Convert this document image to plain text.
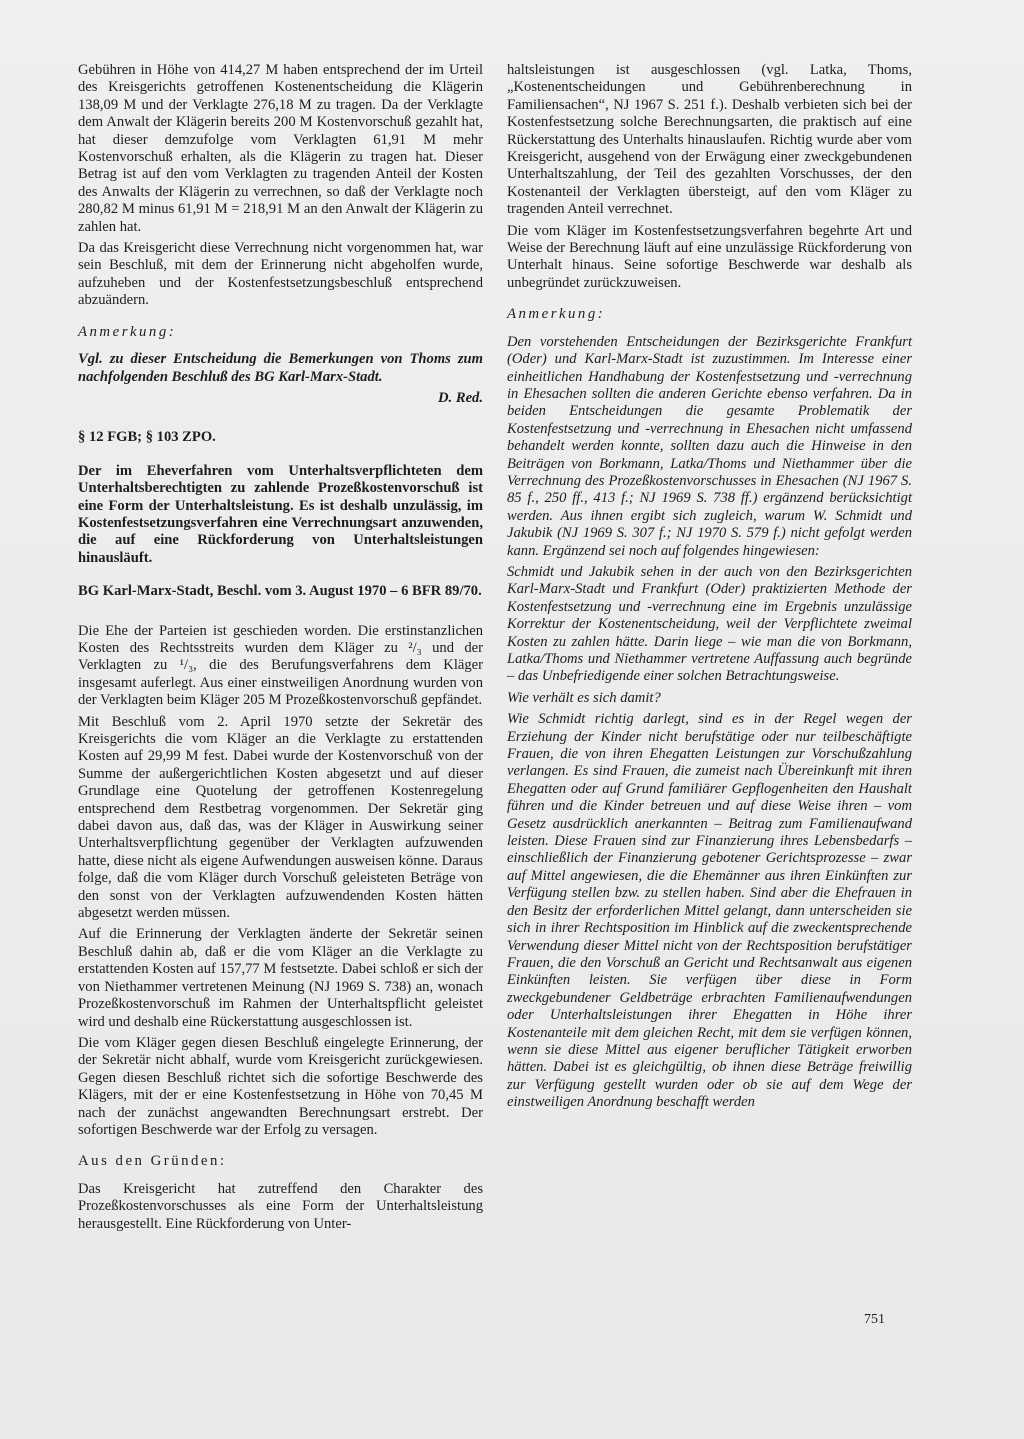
Gebühren in Höhe von 414,27 M haben entsprechend der im Urteil des Kreisgerichts getroffenen Kostenentscheidung die Klägerin 138,09 M und der Verklagte 276,18 M zu tragen. Da der Verklagte dem Anwalt der Klägerin bereits 200 M Kostenvorschuß gezahlt hat, hat dieser demzufolge vom Verklagten 61,91 M mehr Kostenvorschuß erhalten, als die Klägerin zu tragen hat. Dieser Betrag ist auf den vom Verklagten zu tragenden Anteil der Kosten des Anwalts der Klägerin zu verrechnen, so daß der Verklagte noch 280,82 M minus 61,91 M = 218,91 M an den Anwalt der Klägerin zu zahlen hat.

Da das Kreisgericht diese Verrechnung nicht vorgenommen hat, war sein Beschluß, mit dem der Erinnerung nicht abgeholfen wurde, aufzuheben und der Kostenfestsetzungsbeschluß entsprechend abzuändern.

Anmerkung:

Vgl. zu dieser Entscheidung die Bemerkungen von Thoms zum nachfolgenden Beschluß des BG Karl-Marx-Stadt.

D. Red.

§ 12 FGB; § 103 ZPO.

Der im Eheverfahren vom Unterhaltsverpflichteten dem Unterhaltsberechtigten zu zahlende Prozeßkostenvorschuß ist eine Form der Unterhaltsleistung. Es ist deshalb unzulässig, im Kostenfestsetzungsverfahren eine Verrechnungsart anzuwenden, die auf eine Rückforderung von Unterhaltsleistungen hinausläuft.

BG Karl-Marx-Stadt, Beschl. vom 3. August 1970 – 6 BFR 89/70.

Die Ehe der Parteien ist geschieden worden. Die erstinstanzlichen Kosten des Rechtsstreits wurden dem Kläger zu ²/₃ und der Verklagten zu ¹/₃, die des Berufungsverfahrens dem Kläger insgesamt auferlegt. Aus einer einstweiligen Anordnung wurden von der Verklagten beim Kläger 205 M Prozeßkostenvorschuß gepfändet.

Mit Beschluß vom 2. April 1970 setzte der Sekretär des Kreisgerichts die vom Kläger an die Verklagte zu erstattenden Kosten auf 29,99 M fest. Dabei wurde der Kostenvorschuß von der Summe der außergerichtlichen Kosten abgesetzt und auf dieser Grundlage eine Quotelung der getroffenen Kostenregelung entsprechend dem Restbetrag vorgenommen. Der Sekretär ging dabei davon aus, daß das, was der Kläger in Auswirkung seiner Unterhaltsverpflichtung gegenüber der Verklagten aufzuwenden hatte, diese nicht als eigene Aufwendungen ausweisen könne. Daraus folge, daß die vom Kläger durch Vorschuß geleisteten Beträge von den sonst von der Verklagten aufzuwendenden Kosten hätten abgesetzt werden müssen.

Auf die Erinnerung der Verklagten änderte der Sekretär seinen Beschluß dahin ab, daß er die vom Kläger an die Verklagte zu erstattenden Kosten auf 157,77 M festsetzte. Dabei schloß er sich der von Niethammer vertretenen Meinung (NJ 1969 S. 738) an, wonach Prozeßkostenvorschuß im Rahmen der Unterhaltspflicht geleistet wird und deshalb eine Rückerstattung ausgeschlossen ist.

Die vom Kläger gegen diesen Beschluß eingelegte Erinnerung, der der Sekretär nicht abhalf, wurde vom Kreisgericht zurückgewiesen. Gegen diesen Beschluß richtet sich die sofortige Beschwerde des Klägers, mit der er eine Kostenfestsetzung in Höhe von 70,45 M nach der zunächst angewandten Berechnungsart erstrebt. Der sofortigen Beschwerde war der Erfolg zu versagen.

Aus den Gründen:

Das Kreisgericht hat zutreffend den Charakter des Prozeßkostenvorschusses als eine Form der Unterhaltsleistung herausgestellt. Eine Rückforderung von Unter-

haltsleistungen ist ausgeschlossen (vgl. Latka, Thoms, „Kostenentscheidungen und Gebührenberechnung in Familiensachen“, NJ 1967 S. 251 f.). Deshalb verbieten sich bei der Kostenfestsetzung solche Berechnungsarten, die praktisch auf eine Rückerstattung des Unterhalts hinauslaufen. Richtig wurde aber vom Kreisgericht, ausgehend von der Erwägung einer zweckgebundenen Unterhaltszahlung, der Teil des gezahlten Vorschusses, der den Kostenanteil der Verklagten übersteigt, auf den vom Kläger zu tragenden Anteil verrechnet.

Die vom Kläger im Kostenfestsetzungsverfahren begehrte Art und Weise der Berechnung läuft auf eine unzulässige Rückforderung von Unterhalt hinaus. Seine sofortige Beschwerde war deshalb als unbegründet zurückzuweisen.

Anmerkung:

Den vorstehenden Entscheidungen der Bezirksgerichte Frankfurt (Oder) und Karl-Marx-Stadt ist zuzustimmen. Im Interesse einer einheitlichen Handhabung der Kostenfestsetzung und -verrechnung in Ehesachen sollten die anderen Gerichte ebenso verfahren. Da in beiden Entscheidungen die gesamte Problematik der Kostenfestsetzung und -verrechnung in Ehesachen nicht umfassend behandelt werden konnte, sollten dazu auch die Hinweise in den Beiträgen von Borkmann, Latka/Thoms und Niethammer über die Verrechnung des Prozeßkostenvorschusses in Ehesachen (NJ 1967 S. 85 f., 250 ff., 413 f.; NJ 1969 S. 738 ff.) ergänzend berücksichtigt werden. Aus ihnen ergibt sich zugleich, warum W. Schmidt und Jakubik (NJ 1969 S. 307 f.; NJ 1970 S. 579 f.) nicht gefolgt werden kann. Ergänzend sei noch auf folgendes hingewiesen:

Schmidt und Jakubik sehen in der auch von den Bezirksgerichten Karl-Marx-Stadt und Frankfurt (Oder) praktizierten Methode der Kostenfestsetzung und -verrechnung eine im Ergebnis unzulässige Korrektur der Kostenentscheidung, weil der Verpflichtete zweimal Kosten zu zahlen hätte. Darin liege – wie man die von Borkmann, Latka/Thoms und Niethammer vertretene Auffassung auch begründe – das Unbefriedigende einer solchen Betrachtungsweise.

Wie verhält es sich damit?

Wie Schmidt richtig darlegt, sind es in der Regel wegen der Erziehung der Kinder nicht berufstätige oder nur teilbeschäftigte Frauen, die von ihren Ehegatten Leistungen zur Vorschußzahlung verlangen. Es sind Frauen, die zumeist nach Übereinkunft mit ihren Ehegatten oder auf Grund familiärer Gepflogenheiten den Haushalt führen und die Kinder betreuen und auf diese Weise ihren – vom Gesetz ausdrücklich anerkannten – Beitrag zum Familienaufwand leisten. Diese Frauen sind zur Finanzierung ihres Lebensbedarfs – einschließlich der Finanzierung gebotener Gerichtsprozesse – zwar auf Mittel angewiesen, die die Ehemänner aus ihren Einkünften zur Verfügung stellen bzw. zu stellen haben. Sind aber die Ehefrauen in den Besitz der erforderlichen Mittel gelangt, dann unterscheiden sie sich in ihrer Rechtsposition im Hinblick auf die zweckentsprechende Verwendung dieser Mittel nicht von der Rechtsposition berufstätiger Frauen, die den Vorschuß an Gericht und Rechtsanwalt aus eigenen Einkünften leisten. Sie verfügen über diese in Form zweckgebundener Geldbeträge erbrachten Familienaufwendungen oder Unterhaltsleistungen ihrer Ehegatten in Höhe ihrer Kostenanteile mit dem gleichen Recht, mit dem sie verfügen können, wenn sie diese Mittel aus eigener beruflicher Tätigkeit erworben hätten. Dabei ist es gleichgültig, ob ihnen diese Beträge freiwillig zur Verfügung gestellt wurden oder ob sie auf dem Wege der einstweiligen Anordnung beschafft werden

751
